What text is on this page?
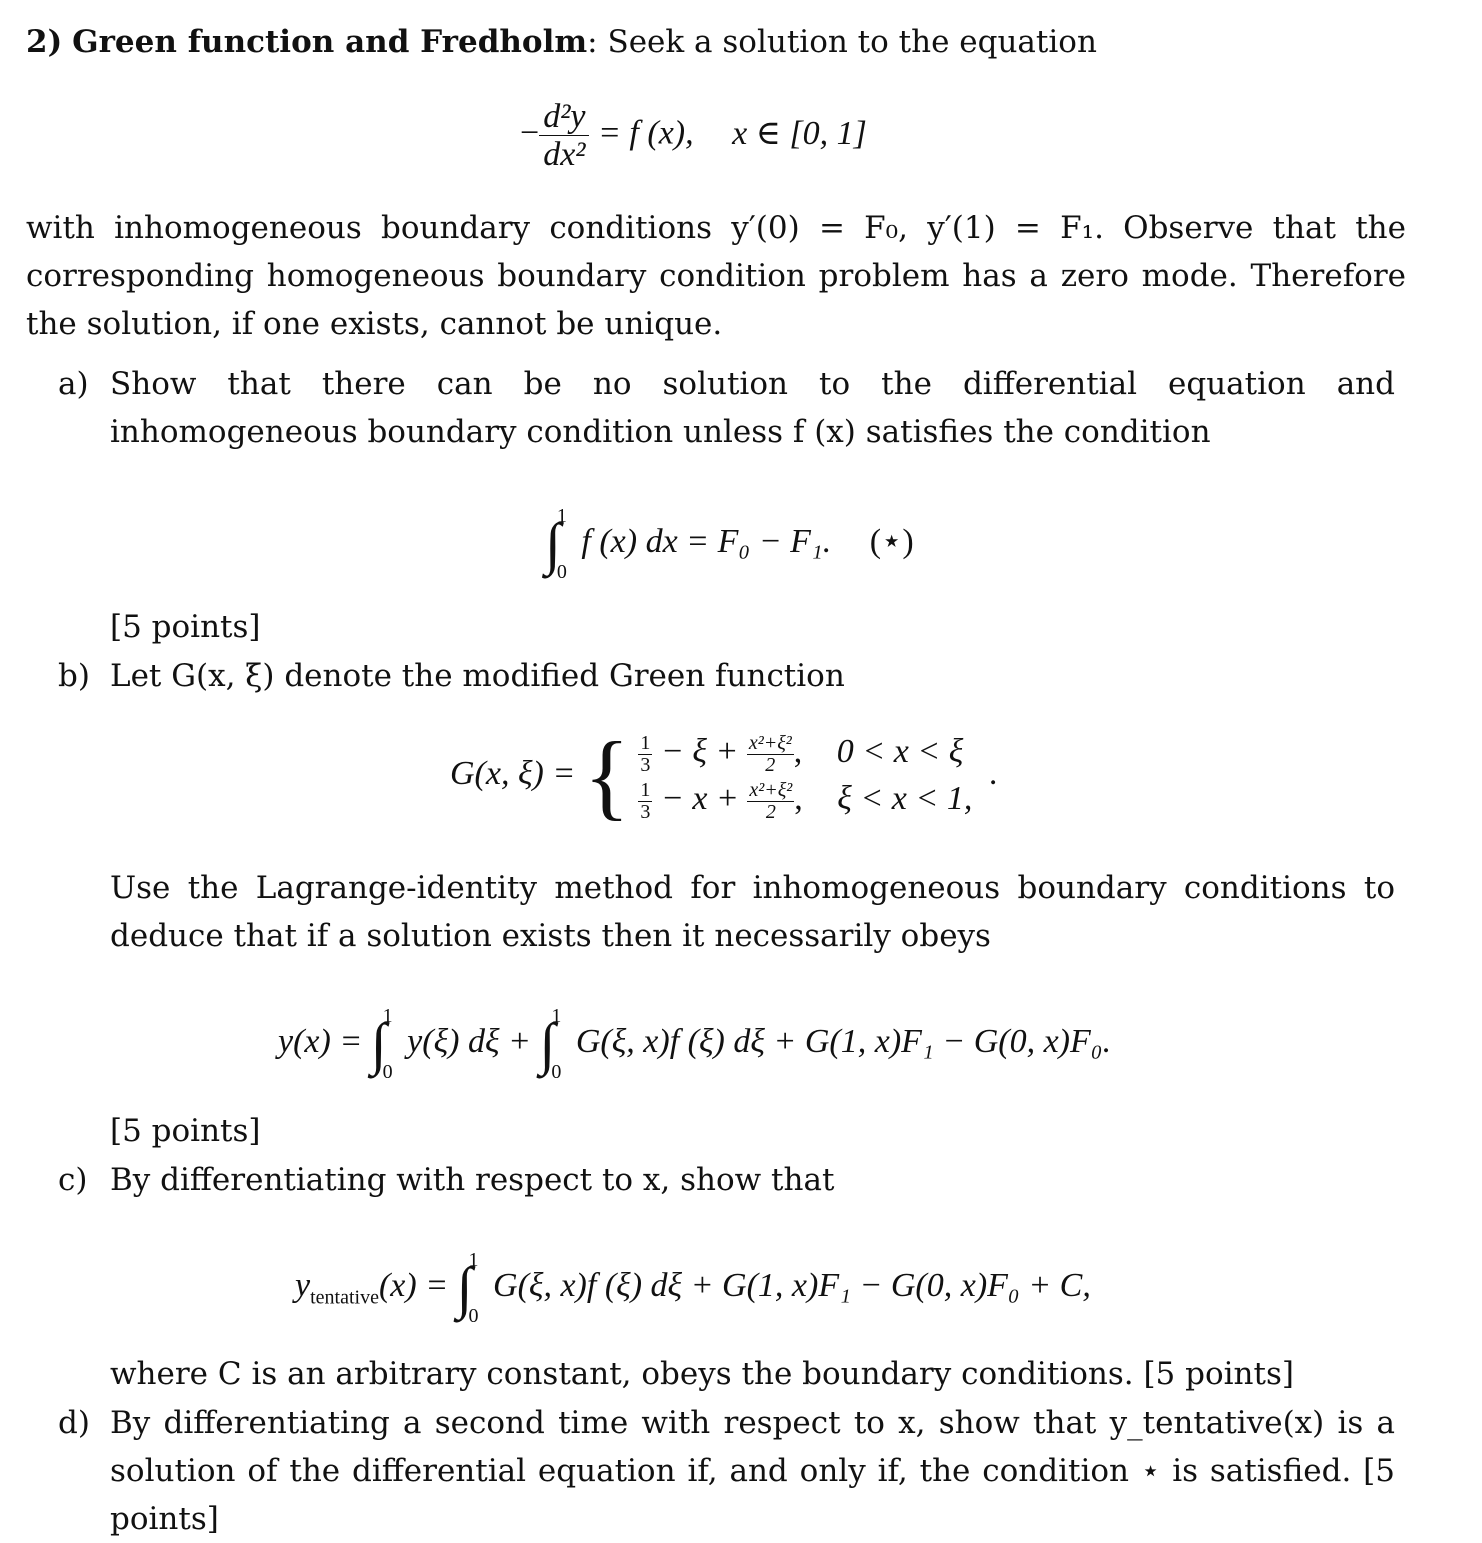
2) Green function and Fredholm: Seek a solution to the equation
− $\frac{\text{d²y}}{\text{dx²}} = f$ (x), x ∈ [0, 1]
with inhomogeneous boundary conditions y′(0) = F₀, y′(1) = F₁. Observe that the corresponding homogeneous boundary condition problem has a zero mode. Therefore the solution, if one exists, cannot be unique.
a) Show that there can be no solution to the differential equation and inhomogeneous boundary condition unless f (x) satisfies the condition
∫
1
0
f (x) dx = F₀ − F₁. (⋆)
[5 points]
b) Let G(x, ξ) denote the modified Green function
G(x, ξ) = { $\frac{1}{3} - \xi + \frac{\text{x²+ξ²}}{2}$ , 0 < x < ξ
$\frac{1}{3} - x + \frac{\text{x²+ξ²}}{2}$ , ξ < x < 1,
.
Use the Lagrange-identity method for inhomogeneous boundary conditions to deduce that if a solution exists then it necessarily obeys
y(x) = ∫
1
0
y(ξ) dξ + ∫
1
0
G(ξ, x)f (ξ) dξ + G(1, x)F₁ − G(0, x)F₀.
[5 points]
c) By differentiating with respect to x, show that
$y_{tentative}(x)$ = ∫
1
0
G(ξ, x)f (ξ) dξ + G(1, x)F₁ − G(0, x)F₀ + C,
where C is an arbitrary constant, obeys the boundary conditions. [5 points]
d) By differentiating a second time with respect to x, show that y_tentative(x) is a solution of the differential equation if, and only if, the condition ⋆ is satisfied. [5 points]
